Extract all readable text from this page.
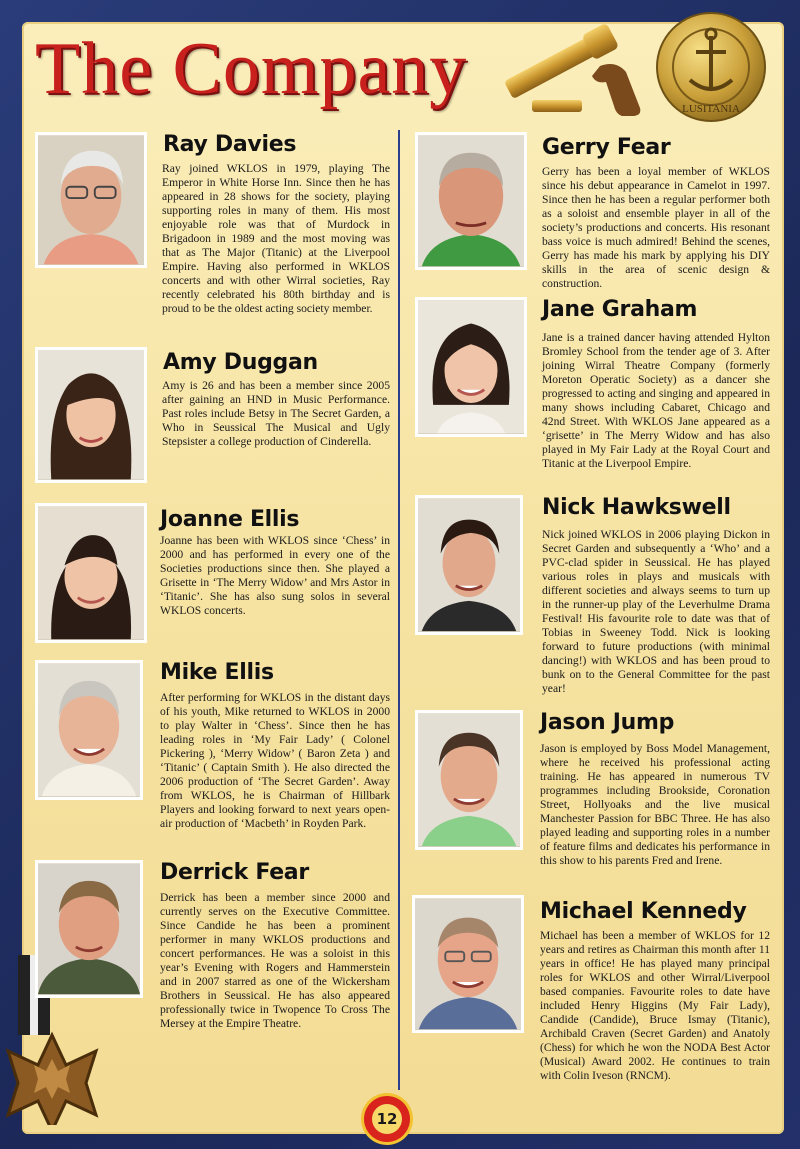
The Company	LUSITANIA
Ray Davies

Ray joined WKLOS in 1979, playing The Emperor in White Horse Inn. Since then he has appeared in 28 shows for the society, playing supporting roles in many of them. His most enjoyable role was that of Murdock in Brigadoon in 1989 and the most moving was that as The Major (Titanic) at the Liverpool Empire. Having also performed in WKLOS concerts and with other Wirral societies, Ray recently celebrated his 80th birthday and is proud to be the oldest acting society member.

Amy Duggan

Amy is 26 and has been a member since 2005 after gaining an HND in Music Performance. Past roles include Betsy in The Secret Garden, a Who in Seussical The Musical and Ugly Stepsister a college production of Cinderella.

Joanne Ellis

Joanne has been with WKLOS since ‘Chess’ in 2000 and has performed in every one of the Societies productions since then. She played a Grisette in ‘The Merry Widow’ and Mrs Astor in ‘Titanic’. She has also sung solos in several WKLOS concerts.

Mike Ellis

After performing for WKLOS in the distant days of his youth, Mike returned to WKLOS in 2000 to play Walter in ‘Chess’. Since then he has leading roles in ‘My Fair Lady’ ( Colonel Pickering ), ‘Merry Widow’ ( Baron Zeta ) and ‘Titanic’ ( Captain Smith ). He also directed the 2006 production of ‘The Secret Garden’. Away from WKLOS, he is Chairman of Hillbark Players and looking forward to next years open-air production of ‘Macbeth’ in Royden Park.

Derrick Fear

Derrick has been a member since 2000 and currently serves on the Executive Committee. Since Candide he has been a prominent performer in many WKLOS productions and concert performances. He was a soloist in this year’s Evening with Rogers and Hammerstein and in 2007 starred as one of the Wickersham Brothers in Seussical. He has also appeared professionally twice in Twopence To Cross The Mersey at the Empire Theatre.

Gerry Fear

Gerry has been a loyal member of WKLOS since his debut appearance in Camelot in 1997. Since then he has been a regular performer both as a soloist and ensemble player in all of the society’s productions and concerts. His resonant bass voice is much admired! Behind the scenes, Gerry has made his mark by applying his DIY skills in the area of scenic design & construction.

Jane Graham

Jane is a trained dancer having attended Hylton Bromley School from the tender age of 3. After joining Wirral Theatre Company (formerly Moreton Operatic Society) as a dancer she progressed to acting and singing and appeared in many shows including Cabaret, Chicago and 42nd Street. With WKLOS Jane appeared as a ‘grisette’ in The Merry Widow and has also played in My Fair Lady at the Royal Court and Titanic at the Liverpool Empire.

Nick Hawkswell

Nick joined WKLOS in 2006 playing Dickon in Secret Garden and subsequently a ‘Who’ and a PVC-clad spider in Seussical. He has played various roles in plays and musicals with different societies and always seems to turn up in the runner-up play of the Leverhulme Drama Festival! His favourite role to date was that of Tobias in Sweeney Todd. Nick is looking forward to future productions (with minimal dancing!) with WKLOS and has been proud to bunk on to the General Committee for the past year!

Jason Jump

Jason is employed by Boss Model Management, where he received his professional acting training. He has appeared in numerous TV programmes including Brookside, Coronation Street, Hollyoaks and the live musical Manchester Passion for BBC Three. He has also played leading and supporting roles in a number of feature films and dedicates his performance in this show to his parents Fred and Irene.

Michael Kennedy

Michael has been a member of WKLOS for 12 years and retires as Chairman this month after 11 years in office! He has played many principal roles for WKLOS and other Wirral/Liverpool based companies. Favourite roles to date have included Henry Higgins (My Fair Lady), Candide (Candide), Bruce Ismay (Titanic), Archibald Craven (Secret Garden) and Anatoly (Chess) for which he won the NODA Best Actor (Musical) Award 2002. He continues to train with Colin Iveson (RNCM).

12
